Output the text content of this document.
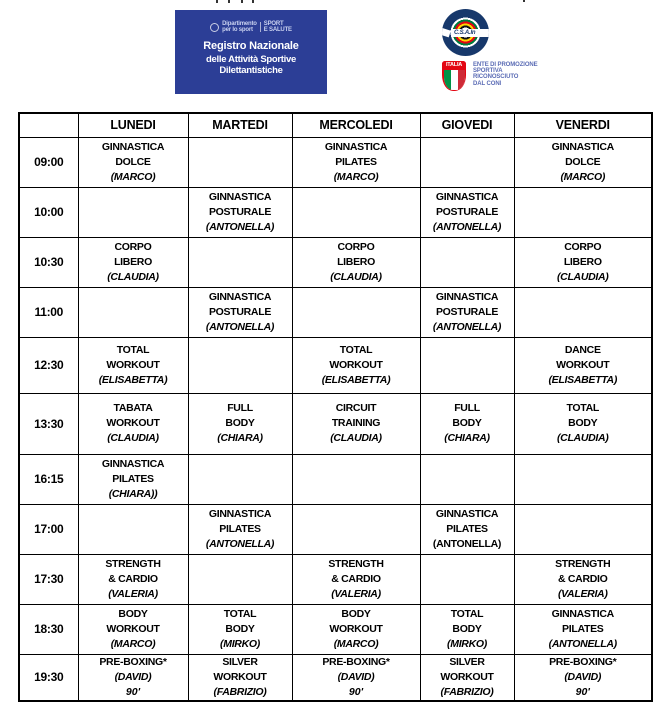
Dipartimento
per lo sport
SPORT
E SALUTE
Registro Nazionale
delle Attività Sportive Dilettantistiche
C.S.A.In
ITALIA	ENTE DI PROMOZIONE
SPORTIVA
RICONOSCIUTO
DAL CONI
	LUNEDI	MARTEDI	MERCOLEDI	GIOVEDI	VENERDI
09:00	GINNASTICA
DOLCE
(MARCO)		GINNASTICA
PILATES
(MARCO)		GINNASTICA
DOLCE
(MARCO)

10:00		GINNASTICA
POSTURALE
(ANTONELLA)		GINNASTICA
POSTURALE
(ANTONELLA)	

10:30	CORPO
LIBERO
(CLAUDIA)		CORPO
LIBERO
(CLAUDIA)		CORPO
LIBERO
(CLAUDIA)

11:00		GINNASTICA
POSTURALE
(ANTONELLA)		GINNASTICA
POSTURALE
(ANTONELLA)	

12:30	TOTAL
WORKOUT
(ELISABETTA)		TOTAL
WORKOUT
(ELISABETTA)		DANCE
WORKOUT
(ELISABETTA)

13:30	TABATA
WORKOUT
(CLAUDIA)	FULL
BODY
(CHIARA)	CIRCUIT
TRAINING
(CLAUDIA)	FULL
BODY
(CHIARA)	TOTAL
BODY
(CLAUDIA)

16:15	GINNASTICA
PILATES
(CHIARA))				

17:00		GINNASTICA
PILATES
(ANTONELLA)		GINNASTICA
PILATES
(ANTONELLA)	

17:30	STRENGTH
& CARDIO
(VALERIA)		STRENGTH
& CARDIO
(VALERIA)		STRENGTH
& CARDIO
(VALERIA)

18:30	BODY
WORKOUT
(MARCO)	TOTAL
BODY
(MIRKO)	BODY
WORKOUT
(MARCO)	TOTAL
BODY
(MIRKO)	GINNASTICA
PILATES
(ANTONELLA)

19:30	PRE-BOXING*
(DAVID)
90'	SILVER
WORKOUT
(FABRIZIO)	PRE-BOXING*
(DAVID)
90'	SILVER
WORKOUT
(FABRIZIO)	PRE-BOXING*
(DAVID)
90'
